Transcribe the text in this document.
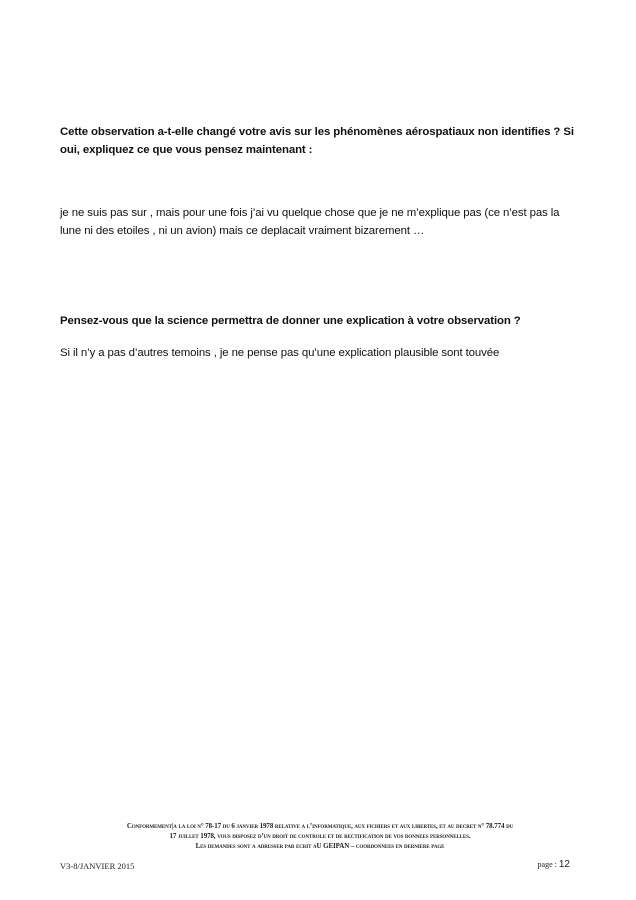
Cette observation a-t-elle changé votre avis sur les phénomènes aérospatiaux non identifies ? Si oui, expliquez ce que vous pensez maintenant :
je ne suis pas sur , mais pour une fois j’ai vu quelque chose que je ne m’explique pas (ce n’est pas la lune ni des etoiles , ni un avion) mais ce deplacait vraiment bizarement …
Pensez-vous que la science permettra de donner une explication à votre observation ?
Si il n’y a pas d’autres temoins , je ne pense pas qu’une explication plausible sont touvée
Conformement|a la loi n° 78-17 du 6 janvier 1978 relative a l’informatique, aux fichiers et aux libertes, et au decret n° 78.774 du
17 juillet 1978, vous disposez d’un droit de controle et de rectification de vos donnees personnelles.
Les demandes sont a adresser par ecrit aU GEIPAN – coordonnees en derniere page
V3-8/JANVIER 2015	page : 12
